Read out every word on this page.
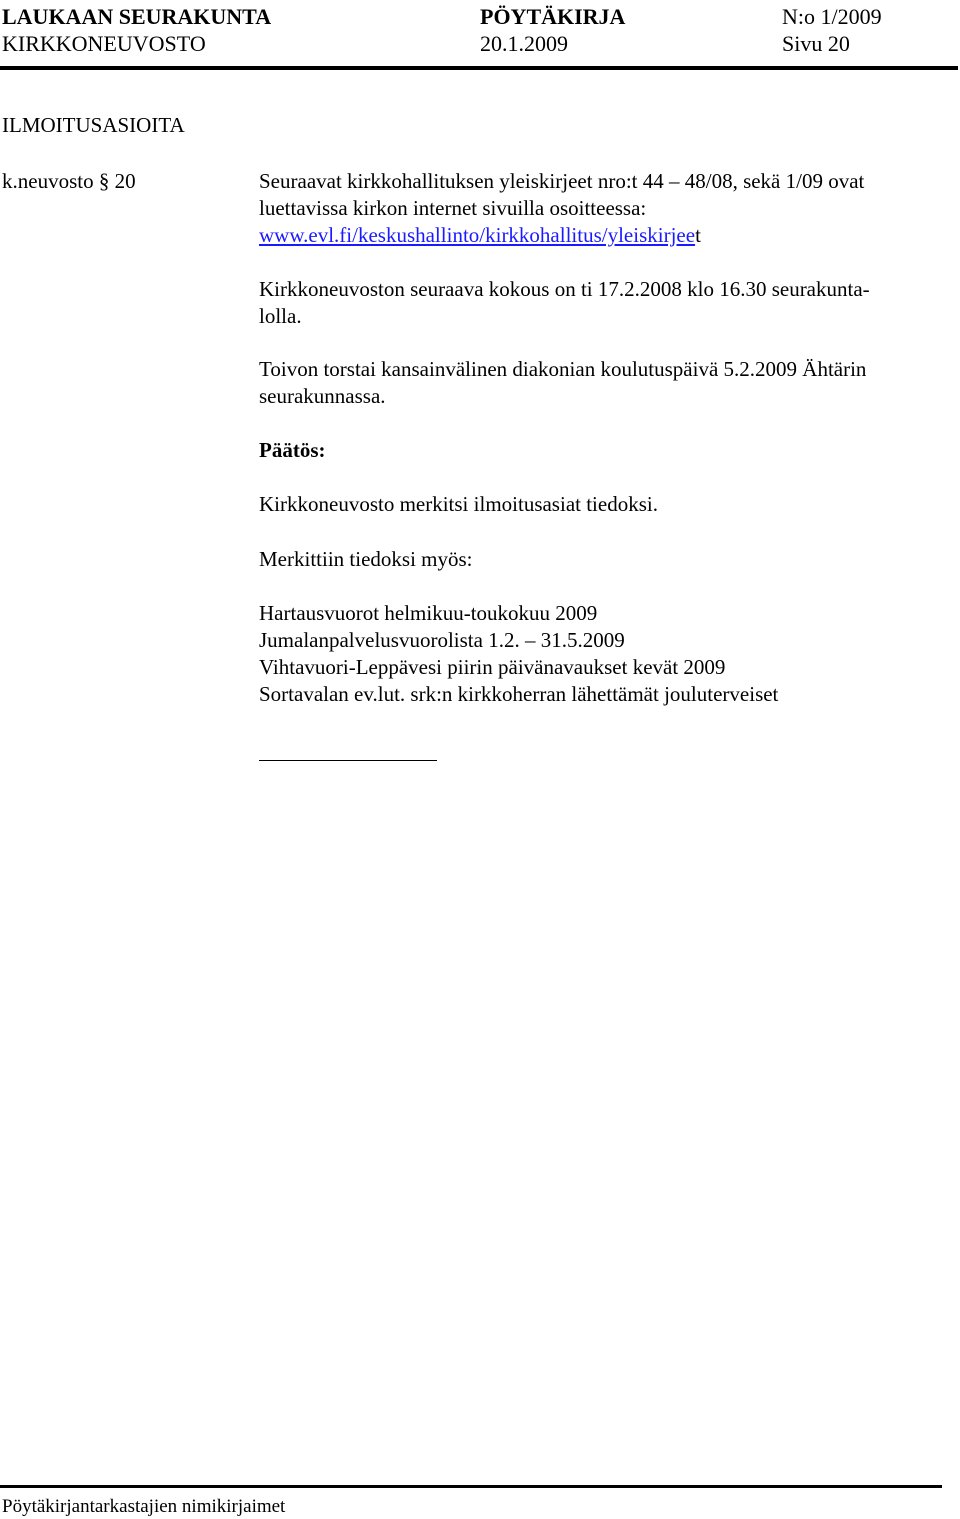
LAUKAAN SEURAKUNTA	PÖYTÄKIRJA	N:o 1/2009
KIRKKONEUVOSTO	20.1.2009	Sivu 20
ILMOITUSASIOITA
k.neuvosto § 20	Seuraavat kirkkohallituksen yleiskirjeet nro:t 44 – 48/08, sekä 1/09 ovat
luettavissa kirkon internet sivuilla osoitteessa:
www.evl.fi/keskushallinto/kirkkohallitus/yleiskirjeet
Kirkkoneuvoston seuraava kokous on ti 17.2.2008 klo 16.30 seurakunta-
lolla.
Toivon torstai kansainvälinen diakonian koulutuspäivä 5.2.2009 Ähtärin
seurakunnassa.
Päätös:
Kirkkoneuvosto merkitsi ilmoitusasiat tiedoksi.
Merkittiin tiedoksi myös:
Hartausvuorot helmikuu-toukokuu 2009
Jumalanpalvelusvuorolista 1.2. – 31.5.2009
Vihtavuori-Leppävesi piirin päivänavaukset kevät 2009
Sortavalan ev.lut. srk:n kirkkoherran lähettämät jouluterveiset
Pöytäkirjantarkastajien nimikirjaimet
